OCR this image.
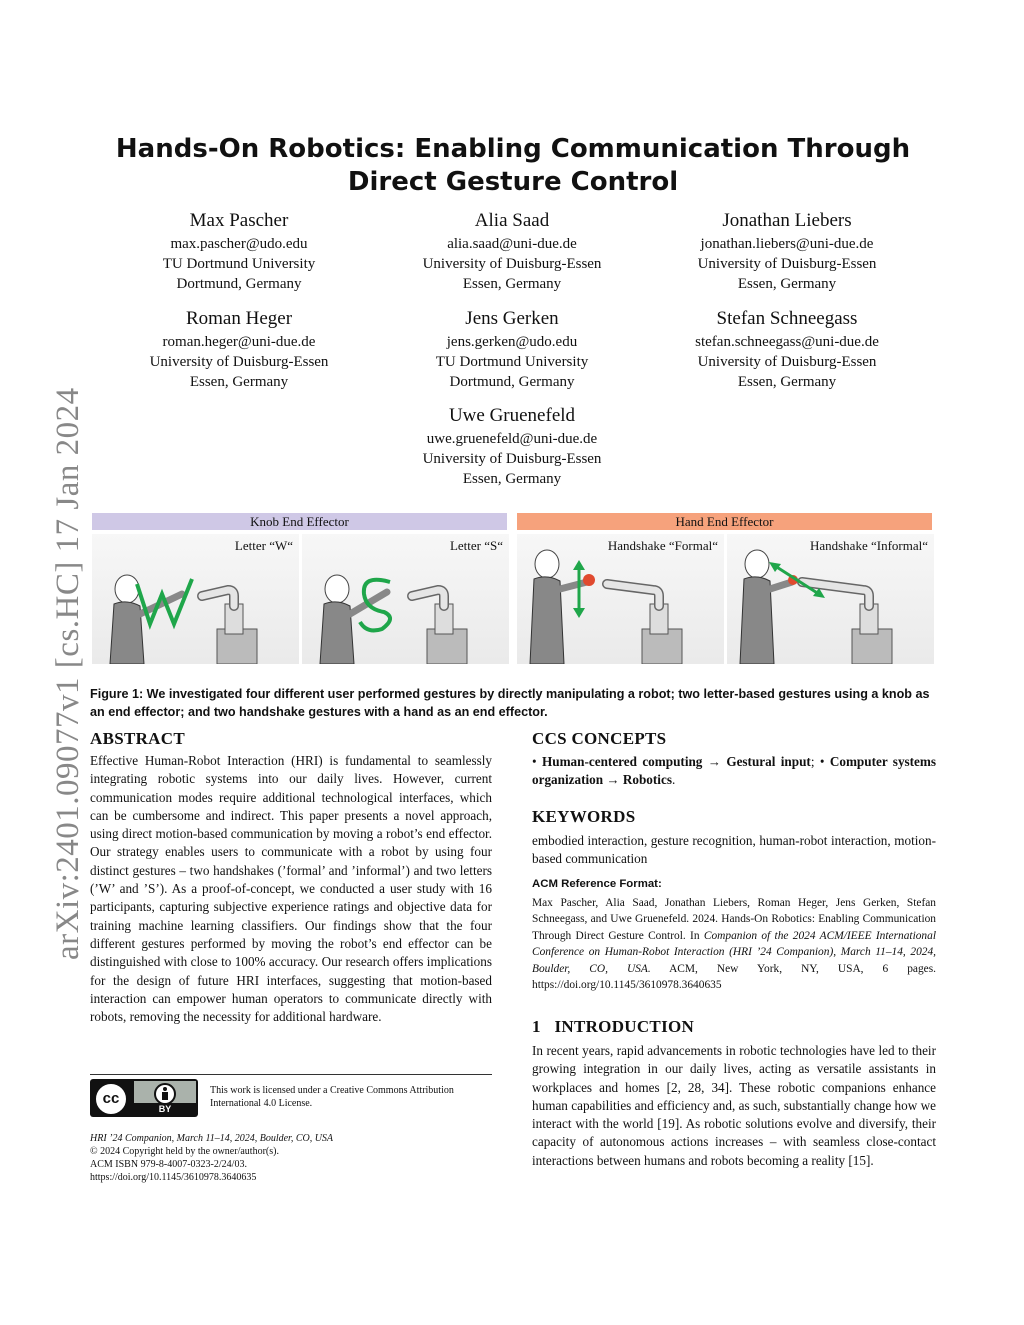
arXiv:2401.09077v1 [cs.HC] 17 Jan 2024
Hands-On Robotics: Enabling Communication Through Direct Gesture Control
Max Pascher
max.pascher@udo.edu
TU Dortmund University
Dortmund, Germany
Alia Saad
alia.saad@uni-due.de
University of Duisburg-Essen
Essen, Germany
Jonathan Liebers
jonathan.liebers@uni-due.de
University of Duisburg-Essen
Essen, Germany
Roman Heger
roman.heger@uni-due.de
University of Duisburg-Essen
Essen, Germany
Jens Gerken
jens.gerken@udo.edu
TU Dortmund University
Dortmund, Germany
Stefan Schneegass
stefan.schneegass@uni-due.de
University of Duisburg-Essen
Essen, Germany
Uwe Gruenefeld
uwe.gruenefeld@uni-due.de
University of Duisburg-Essen
Essen, Germany
Knob End Effector	Hand End Effector
Letter “W“	Letter “S“	Handshake “Formal“	Handshake “Informal“
Figure 1: We investigated four different user performed gestures by directly manipulating a robot; two letter-based gestures using a knob as an end effector; and two handshake gestures with a hand as an end effector.
ABSTRACT
Effective Human-Robot Interaction (HRI) is fundamental to seamlessly integrating robotic systems into our daily lives. However, current communication modes require additional technological interfaces, which can be cumbersome and indirect. This paper presents a novel approach, using direct motion-based communication by moving a robot’s end effector. Our strategy enables users to communicate with a robot by using four distinct gestures – two handshakes (’formal’ and ’informal’) and two letters (’W’ and ’S’). As a proof-of-concept, we conducted a user study with 16 participants, capturing subjective experience ratings and objective data for training machine learning classifiers. Our findings show that the four different gestures performed by moving the robot’s end effector can be distinguished with close to 100% accuracy. Our research offers implications for the design of future HRI interfaces, suggesting that motion-based interaction can empower human operators to communicate directly with robots, removing the necessity for additional hardware.
cc
BY
This work is licensed under a Creative Commons Attribution International 4.0 License.
HRI ’24 Companion, March 11–14, 2024, Boulder, CO, USA
© 2024 Copyright held by the owner/author(s).
ACM ISBN 979-8-4007-0323-2/24/03.
https://doi.org/10.1145/3610978.3640635
CCS CONCEPTS
• Human-centered computing → Gestural input; • Computer systems organization → Robotics.
KEYWORDS
embodied interaction, gesture recognition, human-robot interaction, motion-based communication
ACM Reference Format:
Max Pascher, Alia Saad, Jonathan Liebers, Roman Heger, Jens Gerken, Stefan Schneegass, and Uwe Gruenefeld. 2024. Hands-On Robotics: Enabling Communication Through Direct Gesture Control. In Companion of the 2024 ACM/IEEE International Conference on Human-Robot Interaction (HRI ’24 Companion), March 11–14, 2024, Boulder, CO, USA. ACM, New York, NY, USA, 6 pages. https://doi.org/10.1145/3610978.3640635
1 INTRODUCTION
In recent years, rapid advancements in robotic technologies have led to their growing integration in our daily lives, acting as versatile assistants in workplaces and homes [2, 28, 34]. These robotic companions enhance human capabilities and efficiency and, as such, substantially change how we interact with the world [19]. As robotic solutions evolve and diversify, their capacity of autonomous actions increases – with seamless close-contact interactions between humans and robots becoming a reality [15].
